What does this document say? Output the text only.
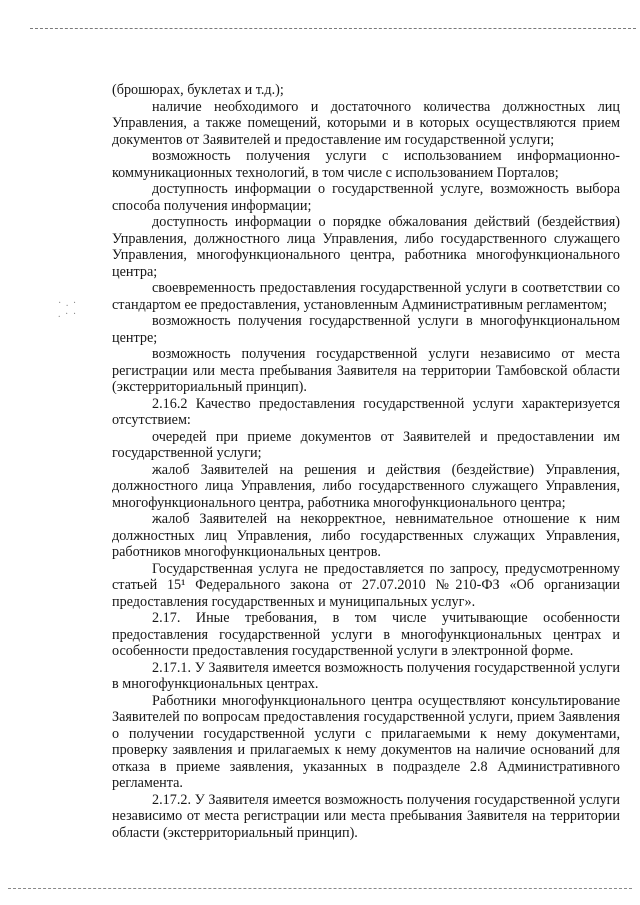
· . ·
. · ·

(брошюрах, буклетах и т.д.);

наличие необходимого и достаточного количества должностных лиц Управления, а также помещений, которыми и в которых осуществляются прием документов от Заявителей и предоставление им государственной услуги;

возможность получения услуги с использованием информационно-коммуникационных технологий, в том числе с использованием Порталов;

доступность информации о государственной услуге, возможность выбора способа получения информации;

доступность информации о порядке обжалования действий (бездействия) Управления, должностного лица Управления, либо государственного служащего Управления, многофункционального центра, работника многофункционального центра;

своевременность предоставления государственной услуги в соответствии со стандартом ее предоставления, установленным Административным регламентом;

возможность получения государственной услуги в многофункциональном центре;

возможность получения государственной услуги независимо от места регистрации или места пребывания Заявителя на территории Тамбовской области (экстерриториальный принцип).

2.16.2 Качество предоставления государственной услуги характеризуется отсутствием:

очередей при приеме документов от Заявителей и предоставлении им государственной услуги;

жалоб Заявителей на решения и действия (бездействие) Управления, должностного лица Управления, либо государственного служащего Управления, многофункционального центра, работника многофункционального центра;

жалоб Заявителей на некорректное, невнимательное отношение к ним должностных лиц Управления, либо государственных служащих Управления, работников многофункциональных центров.

Государственная услуга не предоставляется по запросу, предусмотренному статьей 15¹ Федерального закона от 27.07.2010 №210-ФЗ «Об организации предоставления государственных и муниципальных услуг».

2.17. Иные требования, в том числе учитывающие особенности предоставления государственной услуги в многофункциональных центрах и особенности предоставления государственной услуги в электронной форме.

2.17.1. У Заявителя имеется возможность получения государственной услуги в многофункциональных центрах.

Работники многофункционального центра осуществляют консультирование Заявителей по вопросам предоставления государственной услуги, прием Заявления о получении государственной услуги с прилагаемыми к нему документами, проверку заявления и прилагаемых к нему документов на наличие оснований для отказа в приеме заявления, указанных в подразделе 2.8 Административного регламента.

2.17.2. У Заявителя имеется возможность получения государственной услуги независимо от места регистрации или места пребывания Заявителя на территории области (экстерриториальный принцип).
